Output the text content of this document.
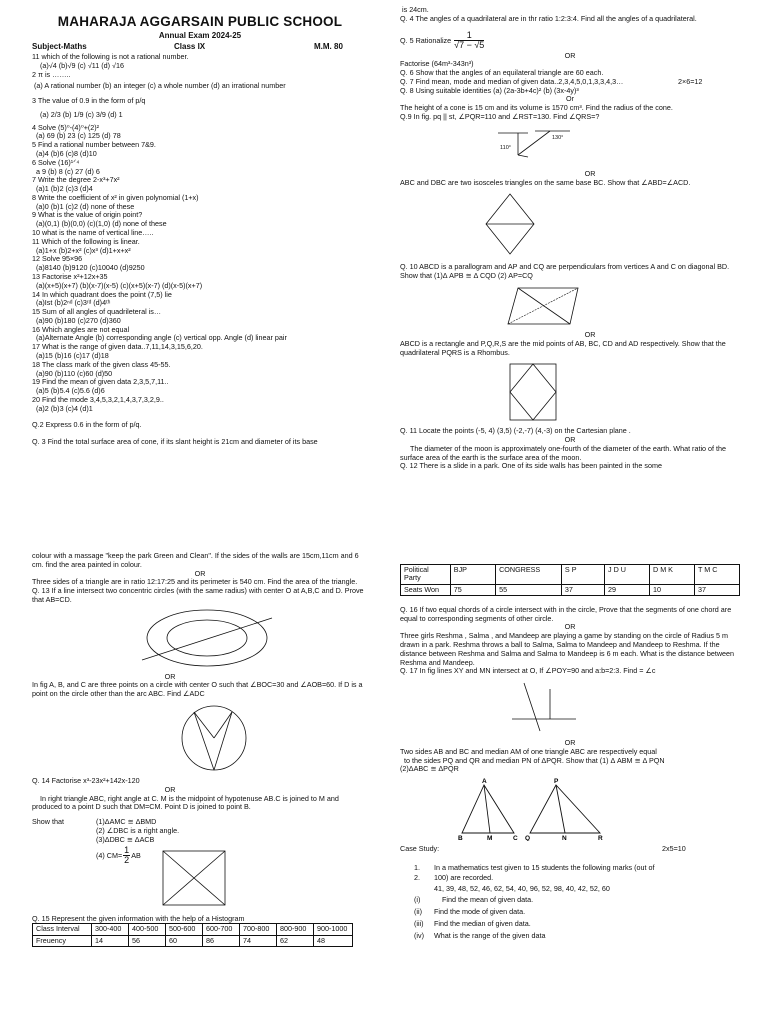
MAHARAJA AGGARSAIN PUBLIC SCHOOL
Annual Exam 2024-25
Subject-Maths	Class IX	M.M. 80
11 which of the following is not a rational number.
(a)√4 (b)√9 (c) √11 (d) √16
2 π is ……..
(a) A rational number (b) an integer (c) a whole number (d) an irrational number
3 The value of 0.9 in the form of p/q
(a) 2/3 (b) 1/9 (c) 3/9 (d) 1
4 Solve (5)⁰-(4)⁰+(2)²
(a) 69 (b) 23 (c) 125 (d) 78
5 Find a rational number between 7&9.
(a)4 (b)6 (c)8 (d)10
6 Solve (16)¹ᐟ⁴
a 9 (b) 8 (c) 27 (d) 6
7 Write the degree 2-x³+7x²
(a)1 (b)2 (c)3 (d)4
8 Write the coefficient of x² in given polynomial (1+x)
(a)0 (b)1 (c)2 (d) none of these
9 What is the value of origin point?
(a)(0,1) (b)(0,0) (c)(1,0) (d) none of these
10 what is the name of vertical line…..
11 Which of the following is linear.
(a)1+x (b)2+x² (c)x³ (d)1+x+x²
12 Solve 95×96
(a)8140 (b)9120 (c)10040 (d)9250
13 Factorise x²+12x+35
(a)(x+5)(x+7) (b)(x-7)(x-5) (c)(x+5)(x-7) (d)(x-5)(x+7)
14 In which quadrant does the point (7,5) lie
(a)Ist (b)2ⁿᵈ (c)3ʳᵈ (d)4ᵗʰ
15 Sum of all angles of quadrileteral is…
(a)90 (b)180 (c)270 (d)360
16 Which angles are not equal
(a)Alternate Angle (b) corresponding angle (c) vertical opp. Angle (d) linear pair
17 What is the range of given data..7,11,14,3,15,6,20.
(a)15 (b)16 (c)17 (d)18
18 The class mark of the given class 45-55.
(a)90 (b)110 (c)60 (d)50
19 Find the mean of given data 2,3,5,7,11..
(a)5 (b)5.4 (c)5.6 (d)6
20 Find the mode 3,4,5,3,2,1,4,3,7,3,2,9..
(a)2 (b)3 (c)4 (d)1
Q.2 Express 0.6 in the form of p/q.
Q. 3 Find the total surface area of cone, if its slant height is 21cm and diameter of its base
is 24cm.
Q. 4 The angles of a quadrilateral are in thr ratio 1:2:3:4. Find all the angles of a quadrilateral.
Q. 5 Rationalize $\frac{1}{√7 - √5}$
OR
Factorise (64m³-343n³)
Q. 6 Show that the angles of an equilateral triangle are 60 each.
Q. 7 Find mean, mode and median of given data..2,3,4,5,0,1,3,3,4,3…	2×6=12
Q. 8 Using suitable identities (a) (2a-3b+4c)² (b) (3x-4y)³
Or
The height of a cone is 15 cm and its volume is 1570 cm³. Find the radius of the cone.
Q.9 In fig. pq || st, ∠PQR=110 and ∠RST=130. Find ∠QRS=?
110°
130°
OR
ABC and DBC are two isosceles triangles on the same base BC. Show that ∠ABD=∠ACD.
Q. 10 ABCD is a parallogram and AP and CQ are perpendiculars from vertices A and C on diagonal BD. Show that (1)Δ APB ≅ Δ CQD (2) AP=CQ
OR
ABCD is a rectangle and P,Q,R,S are the mid points of AB, BC, CD and AD respectively. Show that the quadrilateral PQRS is a Rhombus.
Q. 11 Locate the points (-5, 4) (3,5) (-2,-7) (4,-3) on the Cartesian plane .
OR
The diameter of the moon is approximately one-fourth of the diameter of the earth. What ratio of the surface area of the earth is the surface area of the moon.
Q. 12 There is a slide in a park. One of its side walls has been painted in the some
colour with a massage "keep the park Green and Clean". If the sides of the walls are 15cm,11cm and 6 cm. find the area painted in colour.
OR
Three sides of a triangle are in ratio 12:17:25 and its perimeter is 540 cm. Find the area of the triangle.
Q. 13 If a line intersect two concentric circles (with the same radius) with center O at A,B,C and D. Prove that AB=CD.
OR
In fig A, B, and C are three points on a circle with center O such that ∠BOC=30 and ∠AOB=60. If D is a point on the circle other than the arc ABC. Find ∠ADC
Q. 14 Factorise x³-23x²+142x-120
OR
In right triangle ABC, right angle at C. M is the midpoint of hypotenuse AB.C is joined to M and produced to a point D such that DM=CM. Point D is joined to point B.
Show that	(1)ΔAMC ≅ ΔBMD
(2) ∠DBC is a right angle.
(3)ΔDBC ≅ ΔACB
(4) $CM= \frac{1}{2}$ AB
Q. 15 Represent the given information with the help of a Histogram
Class Interval	300-400	400-500	500-600	600-700	700-800	800-900	900-1000
Freuency	14	56	60	86	74	62	48
Political Party	BJP	CONGRESS	S P	J D U	D M K	T M C
Seats Won	75	55	37	29	10	37
Q. 16 If two equal chords of a circle intersect with in the circle, Prove that the segments of one chord are equal to corresponding segments of other circle.
OR
Three girls Reshma , Salma , and Mandeep are playing a game by standing on the circle of Radius 5 m drawn in a park. Reshma throws a ball to Salma, Salma to Mandeep and Mandeep to Reshma. If the distance between Reshma and Salma and Salma to Mandeep is 6 m each. What is the distance between Reshma and Mandeep.
Q. 17 In fig lines XY and MN intersect at O, If ∠POY=90 and a:b=2:3. Find = ∠c
OR
Two sides AB and BC and median AM of one triangle ABC are respectively equal
to the sides PQ and QR and median PN of ΔPQR. Show that (1) Δ ABM ≅ Δ PQN
(2)ΔABC ≅ ΔPQR
A	P
B	M	C Q	N	R
Case Study:	2x5=10
1. In a mathematics test given to 15 students the following marks (out of
2. 100) are recorded.
41, 39, 48, 52, 46, 62, 54, 40, 96, 52, 98, 40, 42, 52, 60
(i)	Find the mean of given data.
(ii) Find the mode of given data.
(iii) Find the median of given data.
(iv) What is the range of the given data
